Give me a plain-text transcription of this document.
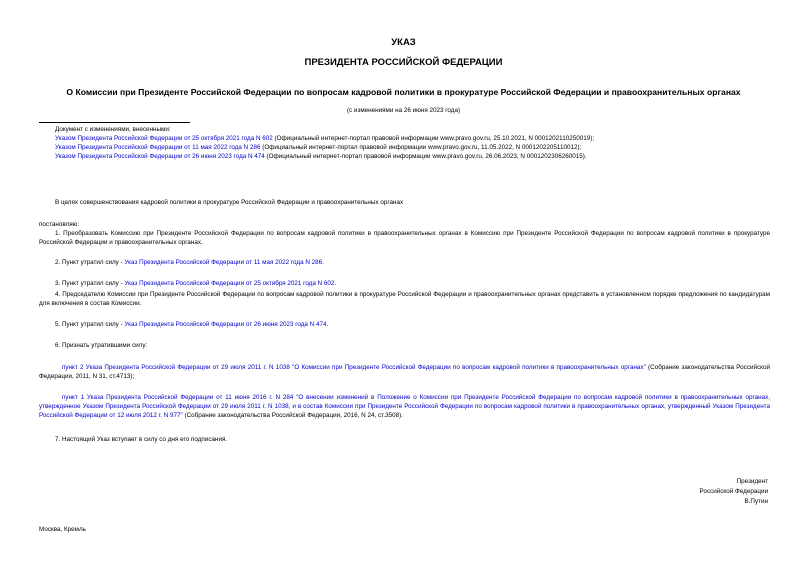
УКАЗ
ПРЕЗИДЕНТА РОССИЙСКОЙ ФЕДЕРАЦИИ
О Комиссии при Президенте Российской Федерации по вопросам кадровой политики в прокуратуре Российской Федерации и правоохранительных органах
(с изменениями на 26 июня 2023 года)
Документ с изменениями, внесенными:
Указом Президента Российской Федерации от 25 октября 2021 года N 602 (Официальный интернет-портал правовой информации www.pravo.gov.ru, 25.10.2021, N 0001202110250019);
Указом Президента Российской Федерации от 11 мая 2022 года N 286 (Официальный интернет-портал правовой информации www.pravo.gov.ru, 11.05.2022, N 0001202205110012);
Указом Президента Российской Федерации от 26 июня 2023 года N 474 (Официальный интернет-портал правовой информации www.pravo.gov.ru, 26.06.2023, N 0001202306260015).
В целях совершенствования кадровой политики в прокуратуре Российской Федерации и правоохранительных органах
постановляю:
1. Преобразовать Комиссию при Президенте Российской Федерации по вопросам кадровой политики в правоохранительных органах в Комиссию при Президенте Российской Федерации по вопросам кадровой политики в прокуратуре Российской Федерации и правоохранительных органах.
2. Пункт утратил силу - Указ Президента Российской Федерации от 11 мая 2022 года N 286.
3. Пункт утратил силу - Указ Президента Российской Федерации от 25 октября 2021 года N 602.
4. Председателю Комиссии при Президенте Российской Федерации по вопросам кадровой политики в прокуратуре Российской Федерации и правоохранительных органах представить в установленном порядке предложения по кандидатурам для включения в состав Комиссии.
5. Пункт утратил силу - Указ Президента Российской Федерации от 26 июня 2023 года N 474.
6. Признать утратившими силу:
пункт 2 Указа Президента Российской Федерации от 29 июля 2011 г. N 1038 "О Комиссии при Президенте Российской Федерации по вопросам кадровой политики в правоохранительных органах" (Собрание законодательства Российской Федерации, 2011, N 31, ст.4713);
пункт 1 Указа Президента Российской Федерации от 11 июня 2016 г. N 284 "О внесении изменений в Положение о Комиссии при Президенте Российской Федерации по вопросам кадровой политики в правоохранительных органах, утвержденное Указом Президента Российской Федерации от 29 июля 2011 г. N 1038, и в состав Комиссии при Президенте Российской Федерации по вопросам кадровой политики в правоохранительных органах, утвержденный Указом Президента Российской Федерации от 12 июля 2012 г. N 977" (Собрание законодательства Российской Федерации, 2016, N 24, ст.3508).
7. Настоящий Указ вступает в силу со дня его подписания.
Президент
Российской Федерации
В.Путин
Москва, Кремль
